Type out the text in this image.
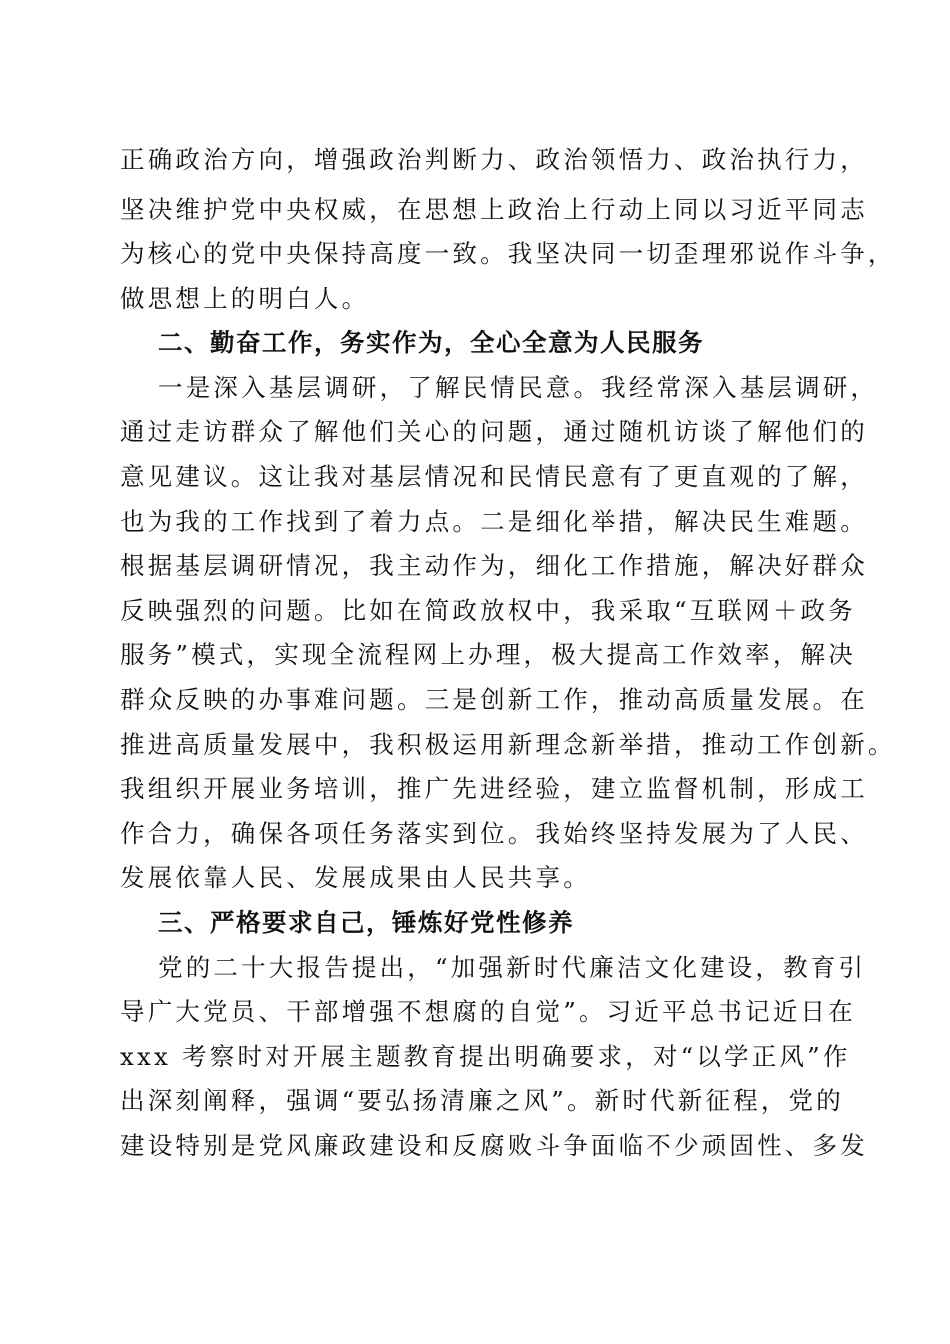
正确政治方向，增强政治判断力、政治领悟力、政治执行力，
坚决维护党中央权威，在思想上政治上行动上同以习近平同志
为核心的党中央保持高度一致。我坚决同一切歪理邪说作斗争，
做思想上的明白人。
二、勤奋工作，务实作为，全心全意为人民服务
一是深入基层调研，了解民情民意。我经常深入基层调研，
通过走访群众了解他们关心的问题，通过随机访谈了解他们的
意见建议。这让我对基层情况和民情民意有了更直观的了解，
也为我的工作找到了着力点。二是细化举措，解决民生难题。
根据基层调研情况，我主动作为，细化工作措施，解决好群众
反映强烈的问题。比如在简政放权中，我采取“互联网＋政务
服务”模式，实现全流程网上办理，极大提高工作效率，解决
群众反映的办事难问题。三是创新工作，推动高质量发展。在
推进高质量发展中，我积极运用新理念新举措，推动工作创新。
我组织开展业务培训，推广先进经验，建立监督机制，形成工
作合力，确保各项任务落实到位。我始终坚持发展为了人民、
发展依靠人民、发展成果由人民共享。
三、严格要求自己，锤炼好党性修养
党的二十大报告提出，“加强新时代廉洁文化建设，教育引
导广大党员、干部增强不想腐的自觉”。习近平总书记近日在
xxx 考察时对开展主题教育提出明确要求，对“以学正风”作
出深刻阐释，强调“要弘扬清廉之风”。新时代新征程，党的
建设特别是党风廉政建设和反腐败斗争面临不少顽固性、多发
